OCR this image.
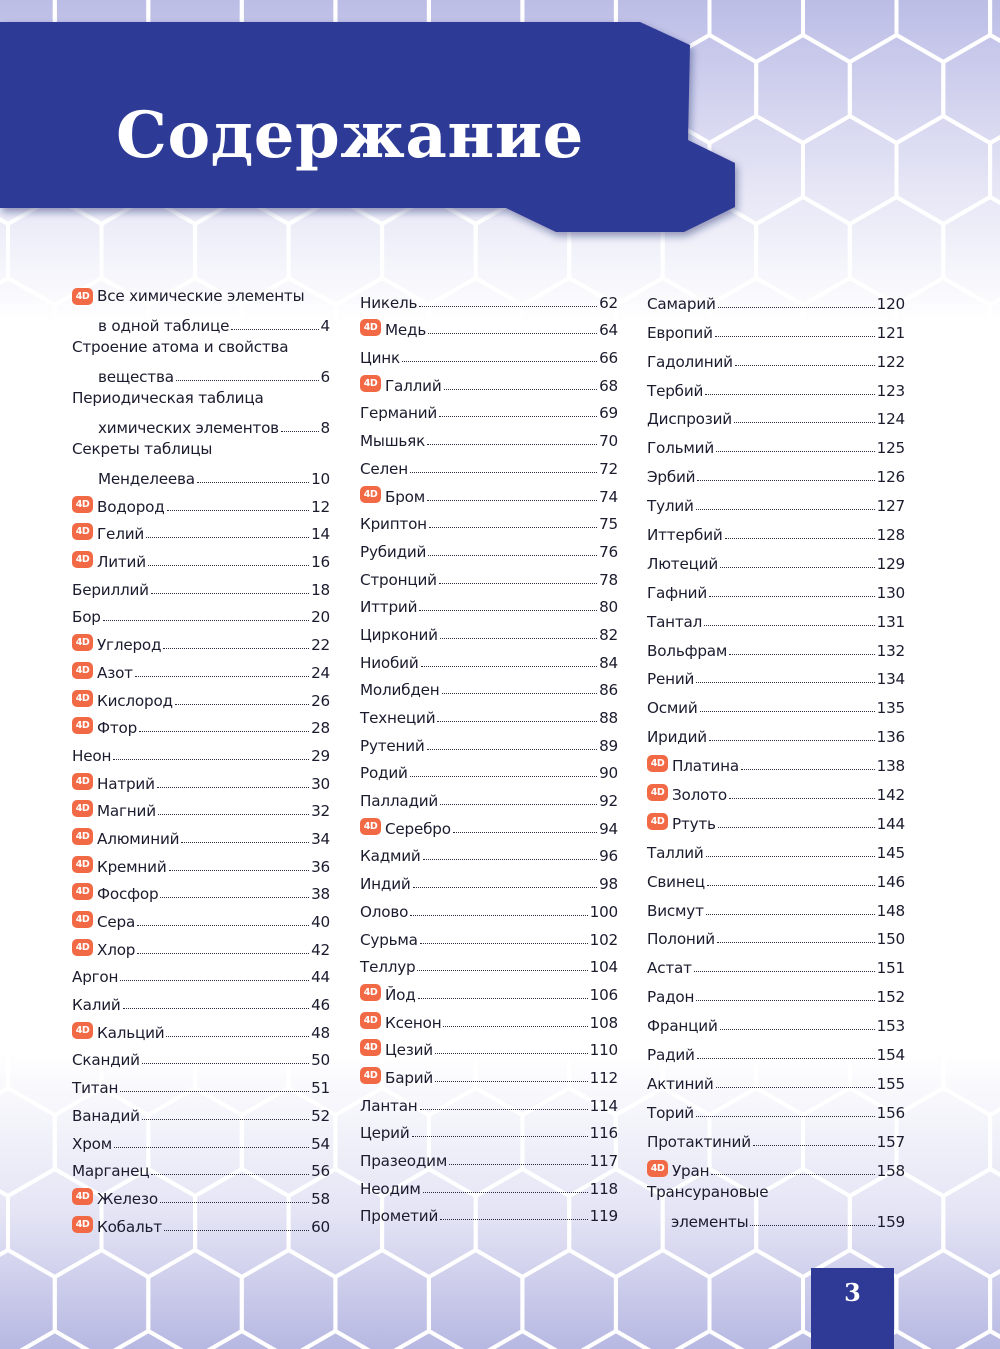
Содержание
4D Все химические элементы
в одной таблице	4
Строение атома и свойства
вещества	6
Периодическая таблица
химических элементов	8
Секреты таблицы
Менделеева	10
4D Водород	12
4D Гелий	14
4D Литий	16
Бериллий	18
Бор	20
4D Углерод	22
4D Азот	24
4D Кислород	26
4D Фтор	28
Неон	29
4D Натрий	30
4D Магний	32
4D Алюминий	34
4D Кремний	36
4D Фосфор	38
4D Сера	40
4D Хлор	42
Аргон	44
Калий	46
4D Кальций	48
Скандий	50
Титан	51
Ванадий	52
Хром	54
Марганец	56
4D Железо	58
4D Кобальт	60
Никель	62
4D Медь	64
Цинк	66
4D Галлий	68
Германий	69
Мышьяк	70
Селен	72
4D Бром	74
Криптон	75
Рубидий	76
Стронций	78
Иттрий	80
Цирконий	82
Ниобий	84
Молибден	86
Технеций	88
Рутений	89
Родий	90
Палладий	92
4D Серебро	94
Кадмий	96
Индий	98
Олово	100
Сурьма	102
Теллур	104
4D Йод	106
4D Ксенон	108
4D Цезий	110
4D Барий	112
Лантан	114
Церий	116
Празеодим	117
Неодим	118
Прометий	119
Самарий	120
Европий	121
Гадолиний	122
Тербий	123
Диспрозий	124
Гольмий	125
Эрбий	126
Тулий	127
Иттербий	128
Лютеций	129
Гафний	130
Тантал	131
Вольфрам	132
Рений	134
Осмий	135
Иридий	136
4D Платина	138
4D Золото	142
4D Ртуть	144
Таллий	145
Свинец	146
Висмут	148
Полоний	150
Астат	151
Радон	152
Франций	153
Радий	154
Актиний	155
Торий	156
Протактиний	157
4D Уран	158
Трансурановые
элементы	159
3
